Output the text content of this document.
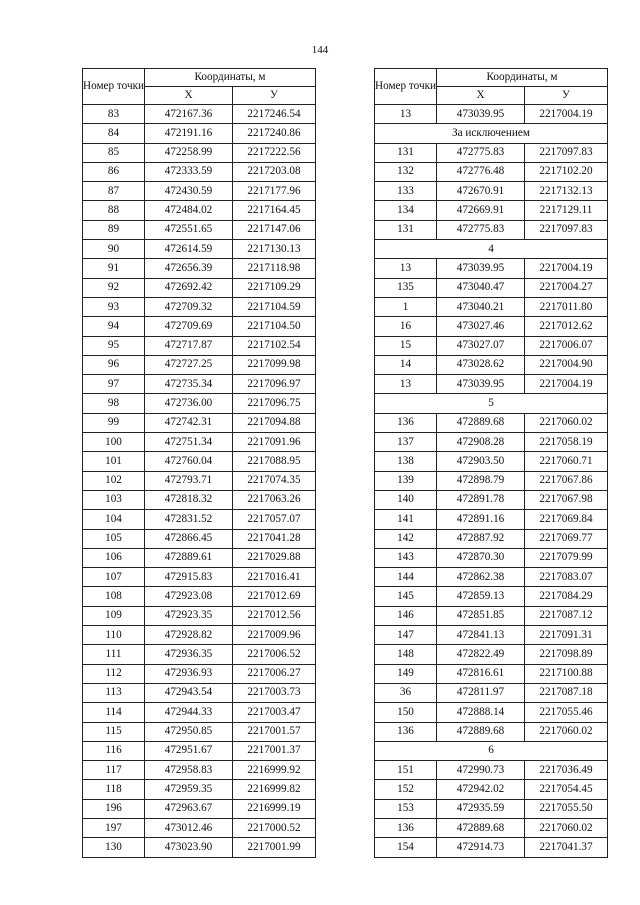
144
Номер точки	Координаты, м	
	X	У
83	472167.36	2217246.54
84	472191.16	2217240.86
85	472258.99	2217222.56
86	472333.59	2217203.08
87	472430.59	2217177.96
88	472484.02	2217164.45
89	472551.65	2217147.06
90	472614.59	2217130.13
91	472656.39	2217118.98
92	472692.42	2217109.29
93	472709.32	2217104.59
94	472709.69	2217104.50
95	472717.87	2217102.54
96	472727.25	2217099.98
97	472735.34	2217096.97
98	472736.00	2217096.75
99	472742.31	2217094.88
100	472751.34	2217091.96
101	472760.04	2217088.95
102	472793.71	2217074.35
103	472818.32	2217063.26
104	472831.52	2217057.07
105	472866.45	2217041.28
106	472889.61	2217029.88
107	472915.83	2217016.41
108	472923.08	2217012.69
109	472923.35	2217012.56
110	472928.82	2217009.96
111	472936.35	2217006.52
112	472936.93	2217006.27
113	472943.54	2217003.73
114	472944.33	2217003.47
115	472950.85	2217001.57
116	472951.67	2217001.37
117	472958.83	2216999.92
118	472959.35	2216999.82
196	472963.67	2216999.19
197	473012.46	2217000.52
130	473023.90	2217001.99
Номер точки	Координаты, м	
	X	У
13	473039.95	2217004.19
За исключением		
131	472775.83	2217097.83
132	472776.48	2217102.20
133	472670.91	2217132.13
134	472669.91	2217129.11
131	472775.83	2217097.83
4		
13	473039.95	2217004.19
135	473040.47	2217004.27
1	473040.21	2217011.80
16	473027.46	2217012.62
15	473027.07	2217006.07
14	473028.62	2217004.90
13	473039.95	2217004.19
5		
136	472889.68	2217060.02
137	472908.28	2217058.19
138	472903.50	2217060.71
139	472898.79	2217067.86
140	472891.78	2217067.98
141	472891.16	2217069.84
142	472887.92	2217069.77
143	472870.30	2217079.99
144	472862.38	2217083.07
145	472859.13	2217084.29
146	472851.85	2217087.12
147	472841.13	2217091.31
148	472822.49	2217098.89
149	472816.61	2217100.88
36	472811.97	2217087.18
150	472888.14	2217055.46
136	472889.68	2217060.02
6		
151	472990.73	2217036.49
152	472942.02	2217054.45
153	472935.59	2217055.50
136	472889.68	2217060.02
154	472914.73	2217041.37
